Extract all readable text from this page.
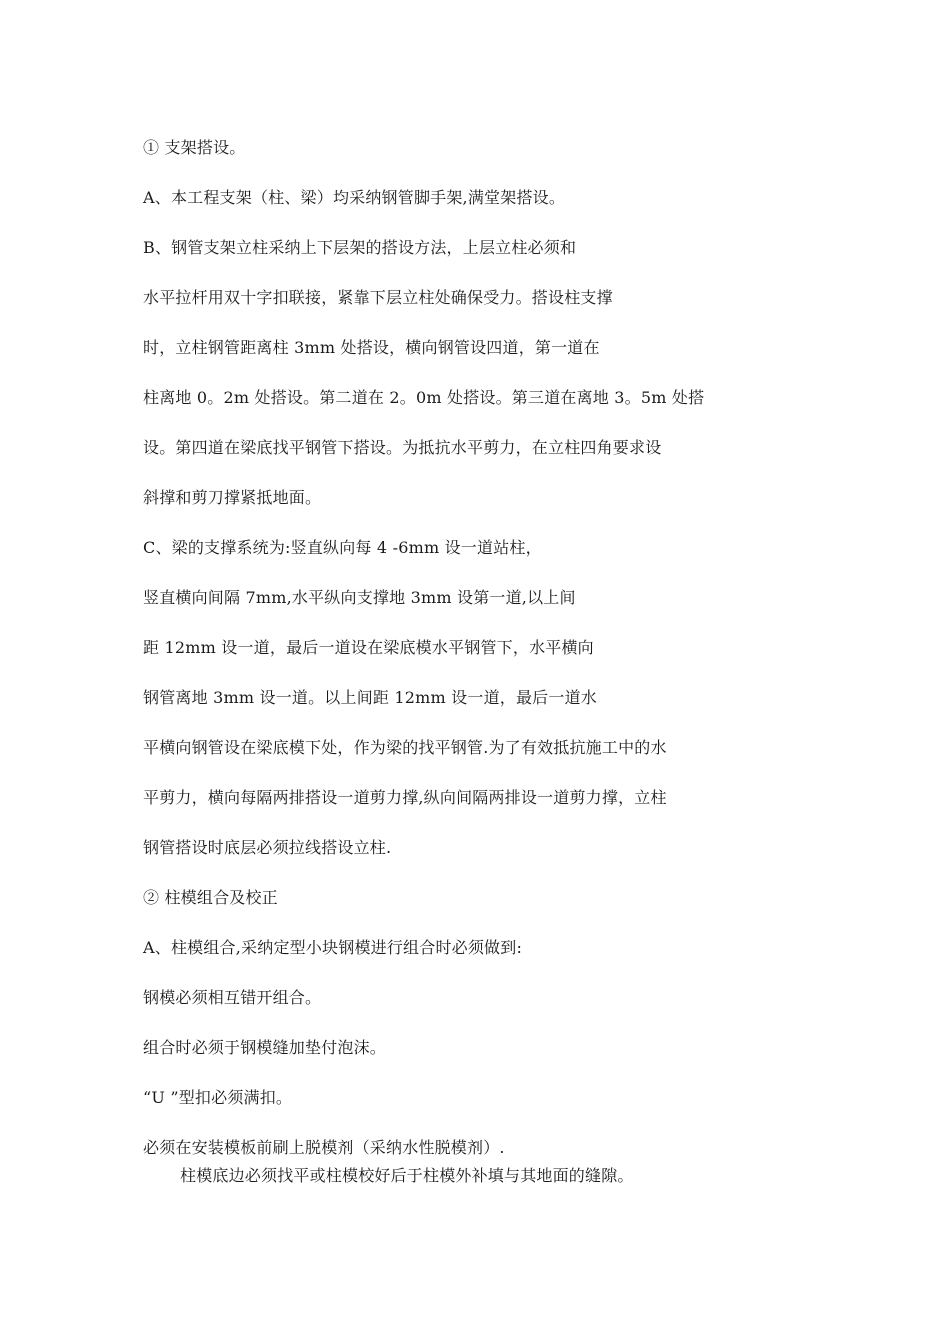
① 支架搭设。
A、本工程支架（柱、梁）均采纳钢管脚手架,满堂架搭设。
B、钢管支架立柱采纳上下层架的搭设方法，上层立柱必须和
水平拉杆用双十字扣联接，紧靠下层立柱处确保受力。搭设柱支撑
时，立柱钢管距离柱 3mm 处搭设，横向钢管设四道，第一道在
柱离地 0。2m 处搭设。第二道在 2。0m 处搭设。第三道在离地 3。5m 处搭
设。第四道在梁底找平钢管下搭设。为抵抗水平剪力，在立柱四角要求设
斜撑和剪刀撑紧抵地面。
C、梁的支撑系统为:竖直纵向每 4 -6mm 设一道站柱，
竖直横向间隔 7mm,水平纵向支撑地 3mm 设第一道,以上间
距 12mm 设一道，最后一道设在梁底模水平钢管下，水平横向
钢管离地 3mm 设一道。以上间距 12mm 设一道，最后一道水
平横向钢管设在梁底模下处，作为梁的找平钢管.为了有效抵抗施工中的水
平剪力，横向每隔两排搭设一道剪力撑,纵向间隔两排设一道剪力撑，立柱
钢管搭设时底层必须拉线搭设立柱.
② 柱模组合及校正
A、柱模组合,采纳定型小块钢模进行组合时必须做到:
钢模必须相互错开组合。
组合时必须于钢模缝加垫付泡沫。
“U ”型扣必须满扣。
必须在安装模板前刷上脱模剂（采纳水性脱模剂）.
柱模底边必须找平或柱模校好后于柱模外补填与其地面的缝隙。
